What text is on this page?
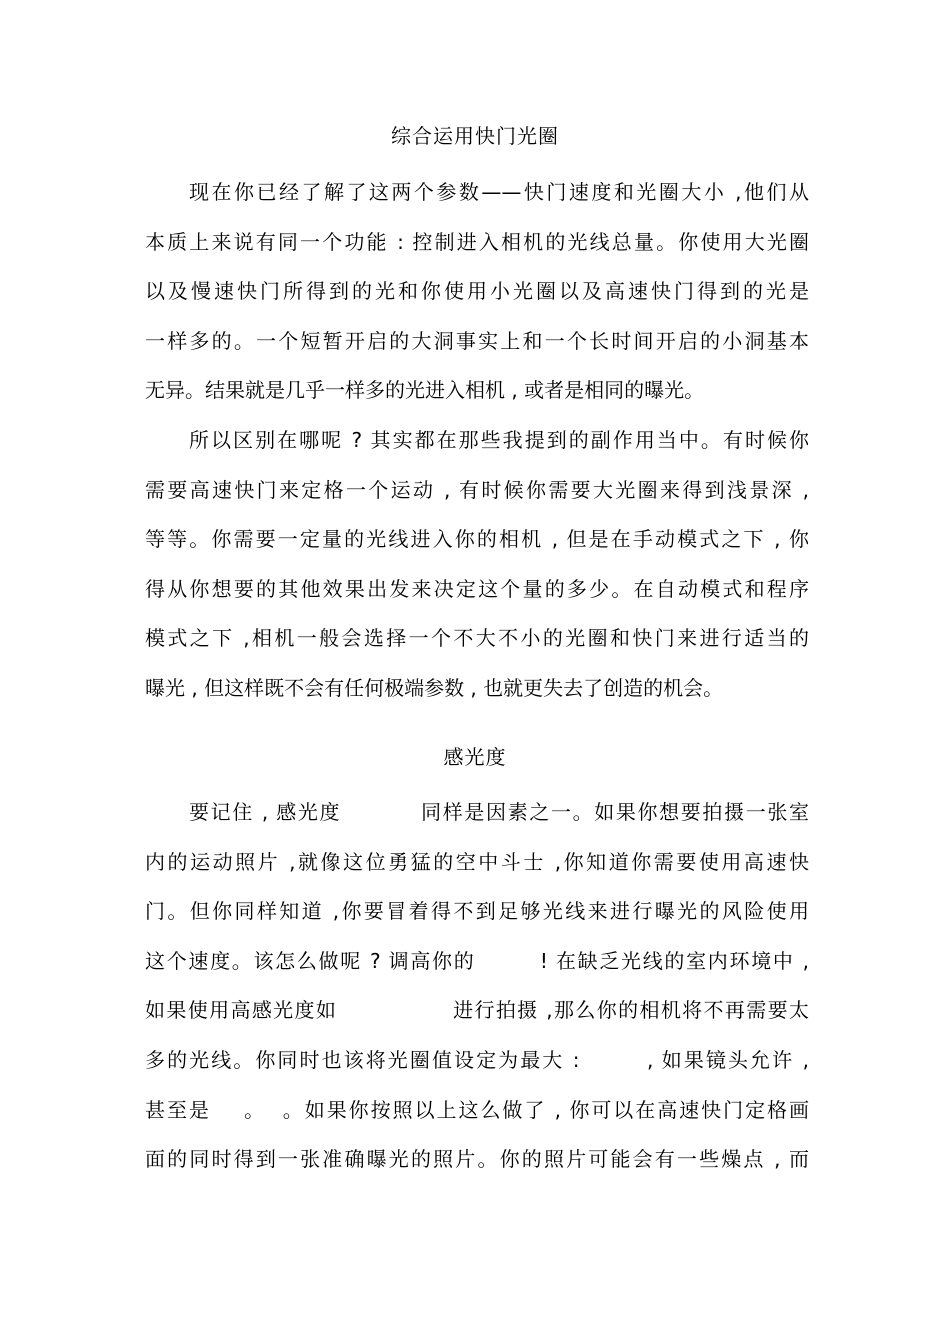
综合运用快门光圈
现在你已经了解了这两个参数——快门速度和光圈大小 ,他们从
本质上来说有同一个功能 : 控制进入相机的光线总量。你使用大光圈
以及慢速快门所得到的光和你使用小光圈以及高速快门得到的光是
一样多的。一个短暂开启的大洞事实上和一个长时间开启的小洞基本
无异。结果就是几乎一样多的光进入相机 , 或者是相同的曝光。
所以区别在哪呢 ? 其实都在那些我提到的副作用当中。有时候你
需要高速快门来定格一个运动 , 有时候你需要大光圈来得到浅景深 ,
等等。你需要一定量的光线进入你的相机 , 但是在手动模式之下 , 你
得从你想要的其他效果出发来决定这个量的多少。在自动模式和程序
模式之下 ,相机一般会选择一个不大不小的光圈和快门来进行适当的
曝光 , 但这样既不会有任何极端参数 , 也就更失去了创造的机会。
感光度
要记住 , 感光度          同样是因素之一。如果你想要拍摄一张室
内的运动照片 ,就像这位勇猛的空中斗士 ,你知道你需要使用高速快
门。但你同样知道 ,你要冒着得不到足够光线来进行曝光的风险使用
这个速度。该怎么做呢 ? 调高你的        ! 在缺乏光线的室内环境中 ,
如果使用高感光度如               进行拍摄 ,那么你的相机将不再需要太
多的光线。你同时也该将光圈值设定为最大 :        , 如果镜头允许 ,
甚至是    。  。如果你按照以上这么做了 , 你可以在高速快门定格画
面的同时得到一张准确曝光的照片。你的照片可能会有一些燥点 , 而
